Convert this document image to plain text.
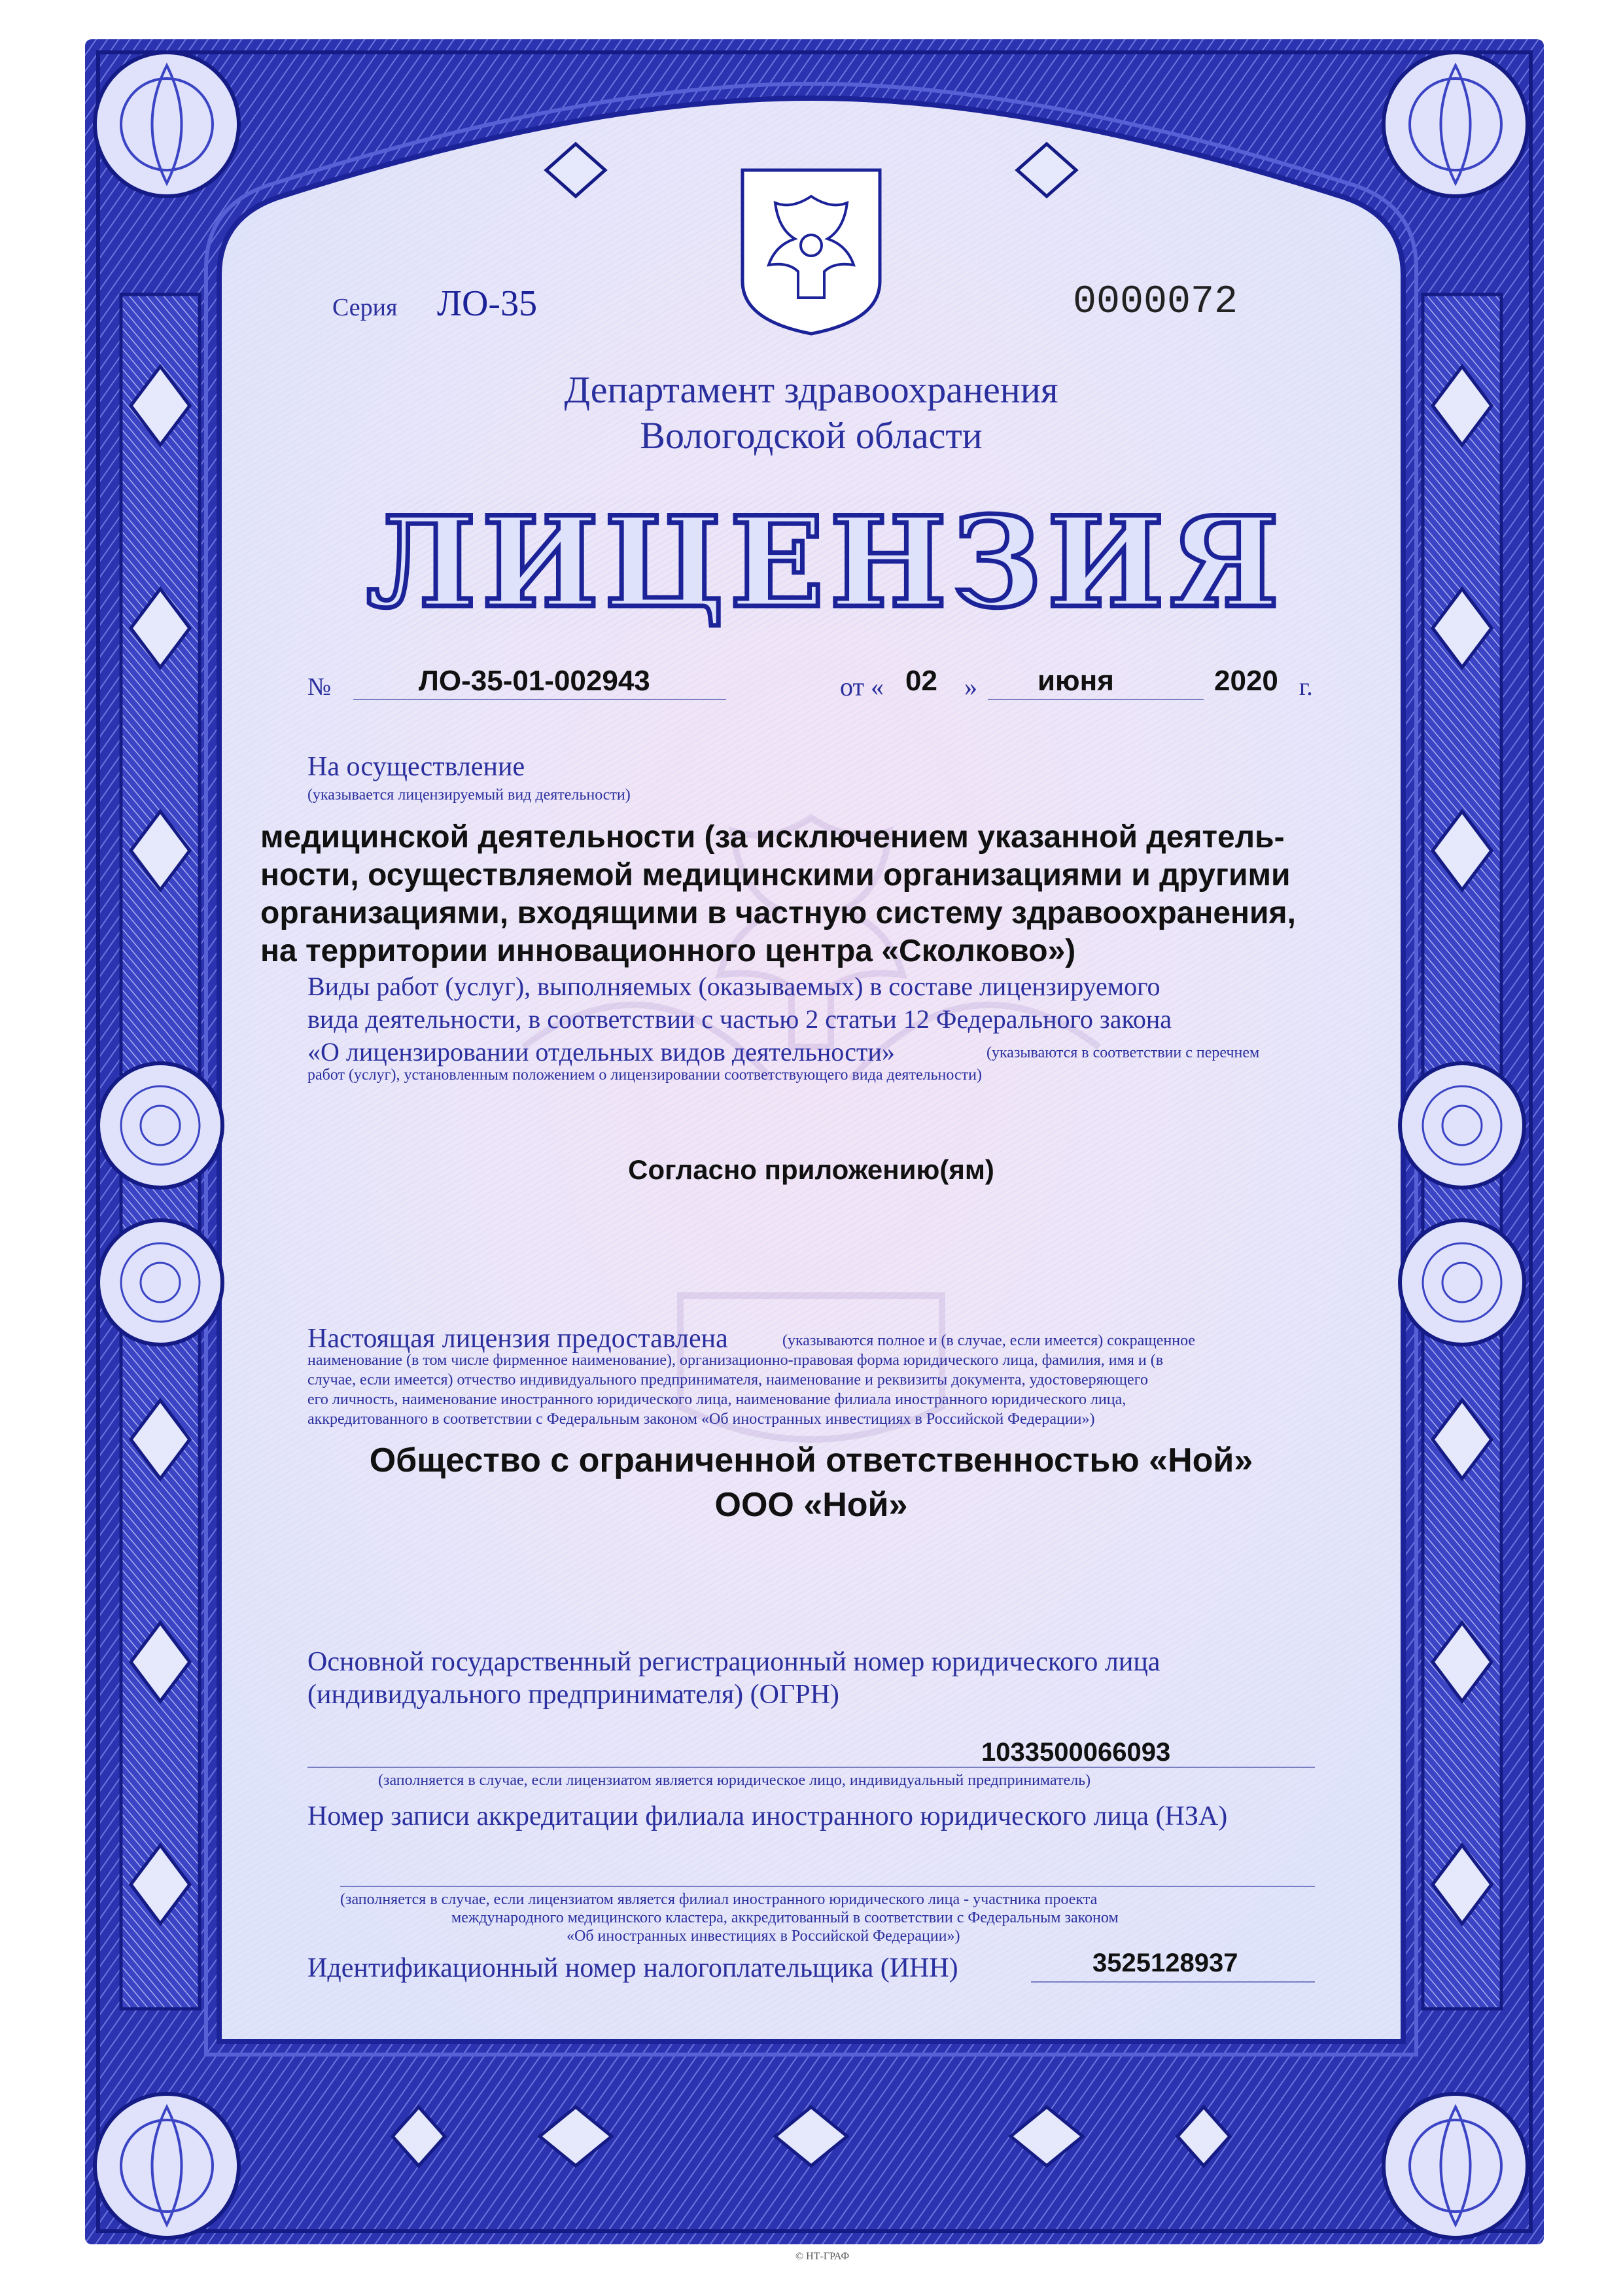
Серия ЛО-35	0000072
Департамент здравоохранения
Вологодской области
ЛИЦЕНЗИЯ
№	ЛО-35-01-002943	от « 02 » июня	2020 г.
На осуществление
(указывается лицензируемый вид деятельности)
медицинской деятельности (за исключением указанной деятель-
ности, осуществляемой медицинскими организациями и другими
организациями, входящими в частную систему здравоохранения,
на территории инновационного центра «Сколково»)
Виды работ (услуг), выполняемых (оказываемых) в составе лицензируемого
вида деятельности, в соответствии с частью 2 статьи 12 Федерального закона
«О лицензировании отдельных видов деятельности»	(указываются в соответствии с перечнем
работ (услуг), установленным положением о лицензировании соответствующего вида деятельности)
Согласно приложению(ям)
Настоящая лицензия предоставлена	(указываются полное и (в случае, если имеется) сокращенное
наименование (в том числе фирменное наименование), организационно-правовая форма юридического лица, фамилия, имя и (в
случае, если имеется) отчество индивидуального предпринимателя, наименование и реквизиты документа, удостоверяющего
его личность, наименование иностранного юридического лица, наименование филиала иностранного юридического лица,
аккредитованного в соответствии с Федеральным законом «Об иностранных инвестициях в Российской Федерации»)
Общество с ограниченной ответственностью «Ной»
ООО «Ной»
Основной государственный регистрационный номер юридического лица
(индивидуального предпринимателя) (ОГРН)
1033500066093
(заполняется в случае, если лицензиатом является юридическое лицо, индивидуальный предприниматель)
Номер записи аккредитации филиала иностранного юридического лица (НЗА)
(заполняется в случае, если лицензиатом является филиал иностранного юридического лица - участника проекта
международного медицинского кластера, аккредитованный в соответствии с Федеральным законом
«Об иностранных инвестициях в Российской Федерации»)
Идентификационный номер налогоплательщика (ИНН)	3525128937
© НТ-ГРАФ
